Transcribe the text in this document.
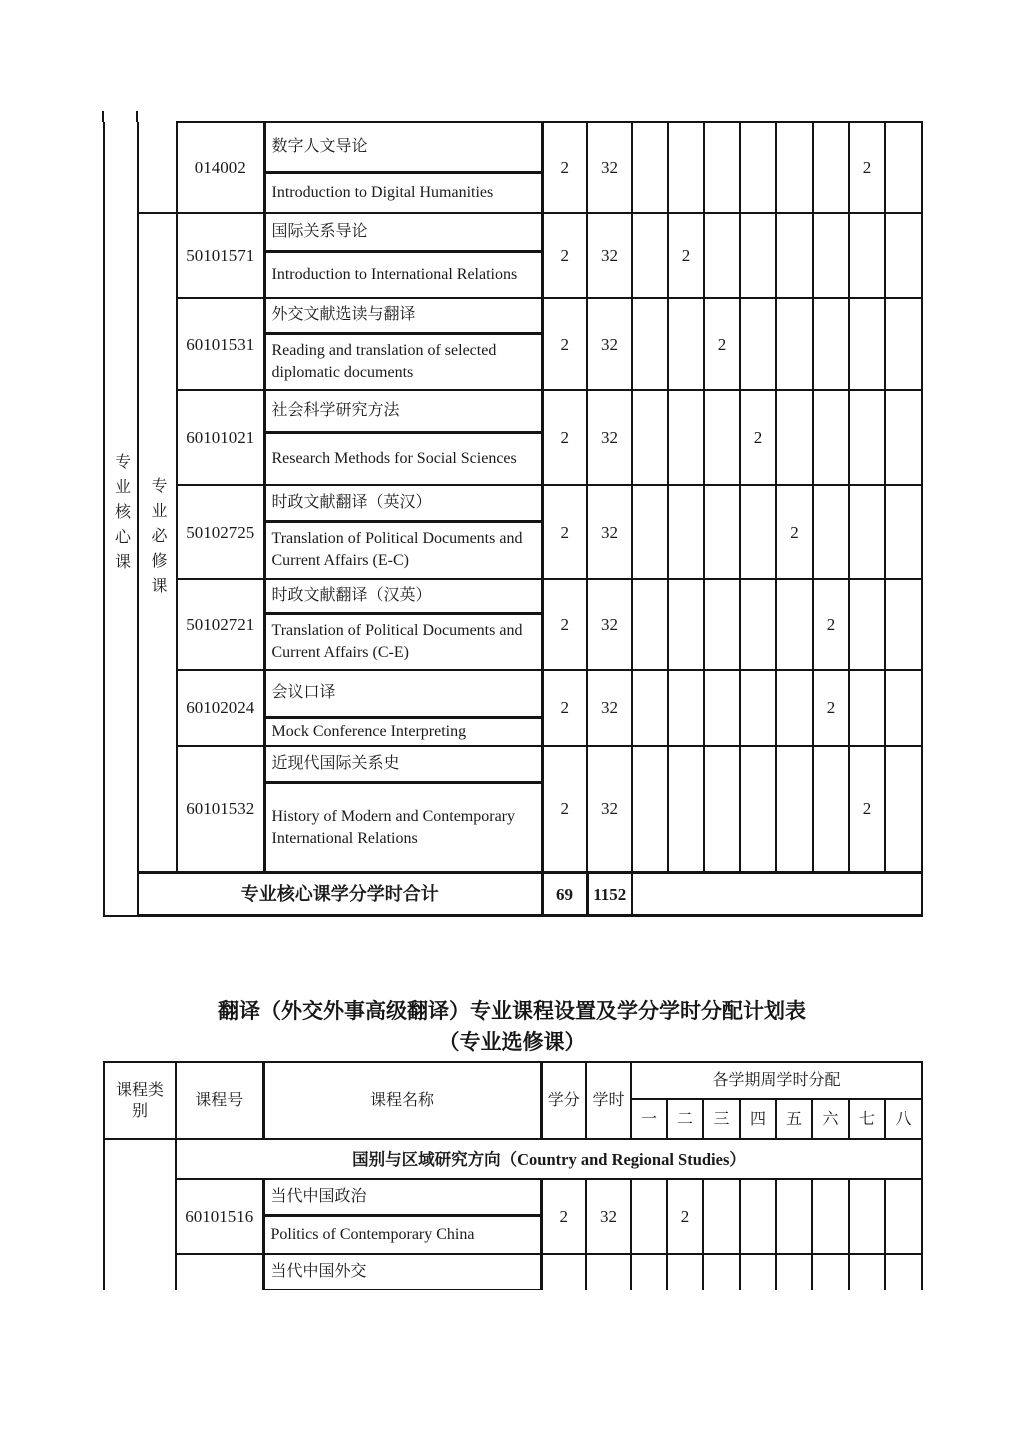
专业核心课		014002	数字人文导论	2	32							2	
			Introduction to Digital Humanities										
	专业必修课	50101571	国际关系导论	2	32		2						
			Introduction to International Relations										
		60101531	外交文献选读与翻译	2	32			2					
			Reading and translation of selected diplomatic documents										
		60101021	社会科学研究方法	2	32				2				
			Research Methods for Social Sciences										
		50102725	时政文献翻译（英汉）	2	32					2			
			Translation of Political Documents and Current Affairs (E-C)										
		50102721	时政文献翻译（汉英）	2	32						2		
			Translation of Political Documents and Current Affairs (C-E)										
		60102024	会议口译	2	32						2		
			Mock Conference Interpreting										
		60101532	近现代国际关系史	2	32							2	
			History of Modern and Contemporary International Relations										
	专业核心课学分学时合计			69	1152								
翻译（外交外事高级翻译）专业课程设置及学分学时分配计划表
（专业选修课）
课程类别	课程号	课程名称	学分	学时	各学期周学时分配							
					一	二	三	四	五	六	七	八
	国别与区域研究方向（Country and Regional Studies）											
	60101516	当代中国政治	2	32		2						
		Politics of Contemporary China										
		当代中国外交										
